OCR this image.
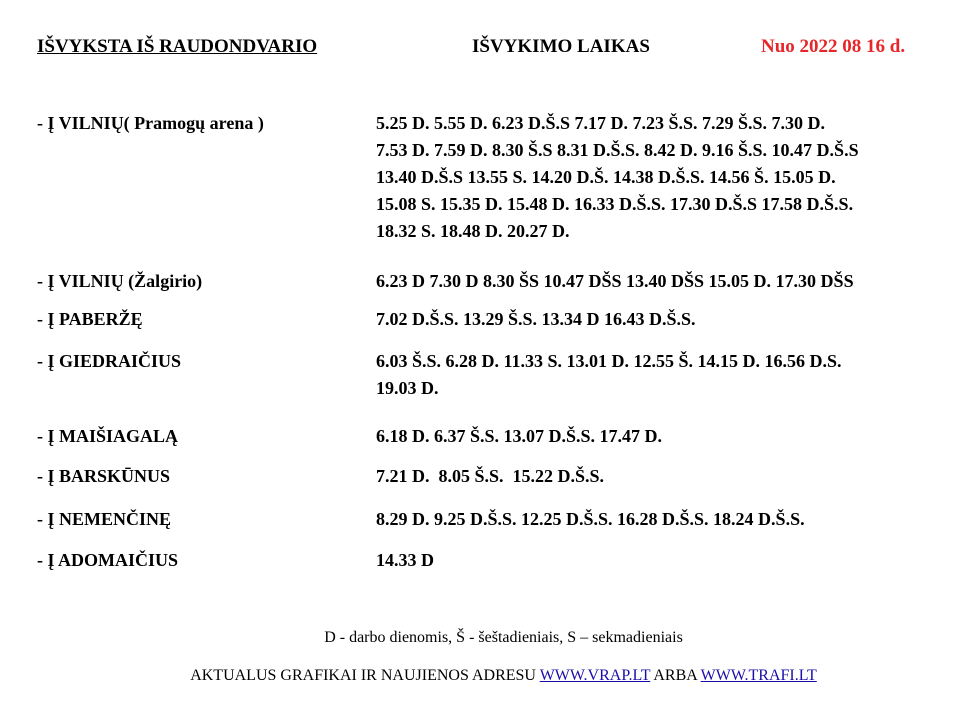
IŠVYKSTA IŠ RAUDONDVARIO	IŠVYKIMO LAIKAS	Nuo 2022 08 16 d.
- Į VILNIŲ( Pramogų arena )	5.25 D. 5.55 D. 6.23 D.Š.S 7.17 D. 7.23 Š.S. 7.29 Š.S. 7.30 D.
7.53 D. 7.59 D. 8.30 Š.S 8.31 D.Š.S. 8.42 D. 9.16 Š.S. 10.47 D.Š.S
13.40 D.Š.S 13.55 S. 14.20 D.Š. 14.38 D.Š.S. 14.56 Š. 15.05 D.
15.08 S. 15.35 D. 15.48 D. 16.33 D.Š.S. 17.30 D.Š.S 17.58 D.Š.S.
18.32 S. 18.48 D. 20.27 D.
- Į VILNIŲ (Žalgirio)	6.23 D 7.30 D 8.30 ŠS 10.47 DŠS 13.40 DŠS 15.05 D. 17.30 DŠS
- Į PABERŽĘ	7.02 D.Š.S. 13.29 Š.S. 13.34 D 16.43 D.Š.S.
- Į GIEDRAIČIUS	6.03 Š.S. 6.28 D. 11.33 S. 13.01 D. 12.55 Š. 14.15 D. 16.56 D.S.
19.03 D.
- Į MAIŠIAGALĄ	6.18 D. 6.37 Š.S. 13.07 D.Š.S. 17.47 D.
- Į BARSKŪNUS	7.21 D.  8.05 Š.S.  15.22 D.Š.S.
- Į NEMENČINĘ	8.29 D. 9.25 D.Š.S. 12.25 D.Š.S. 16.28 D.Š.S. 18.24 D.Š.S.
- Į ADOMAIČIUS	14.33 D
D - darbo dienomis, Š - šeštadieniais, S – sekmadieniais
AKTUALUS GRAFIKAI IR NAUJIENOS ADRESU WWW.VRAP.LT ARBA WWW.TRAFI.LT
